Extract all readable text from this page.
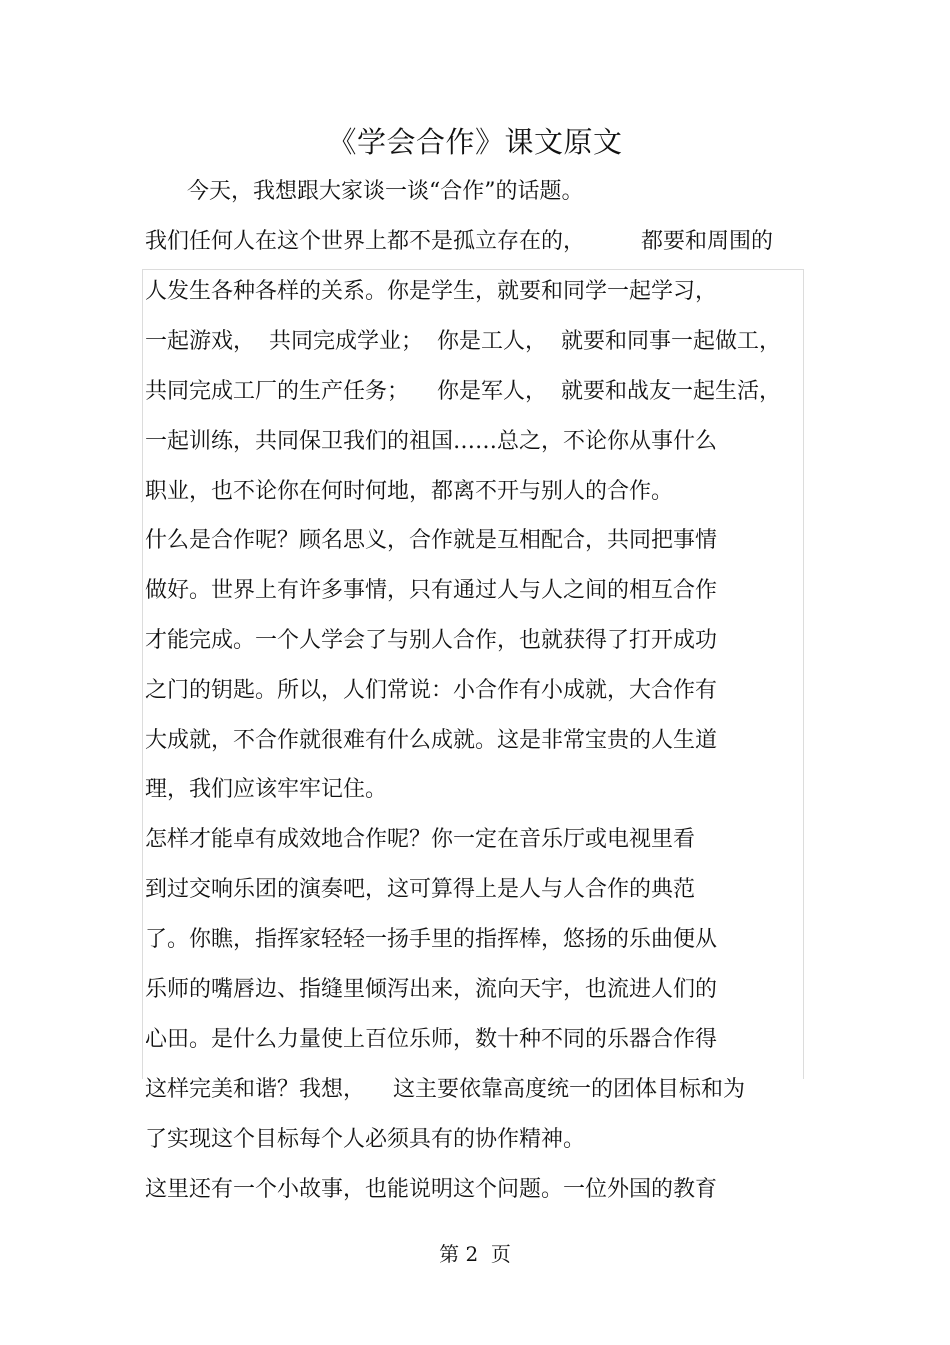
《学会合作》课文原文
今天，我想跟大家谈一谈“合作”的话题。
我们任何人在这个世界上都不是孤立存在的，        都要和周围的
人发生各种各样的关系。你是学生，就要和同学一起学习，
一起游戏，  共同完成学业；  你是工人，  就要和同事一起做工，
共同完成工厂的生产任务；    你是军人，  就要和战友一起生活，
一起训练，共同保卫我们的祖国……总之，不论你从事什么
职业，也不论你在何时何地，都离不开与别人的合作。
什么是合作呢？顾名思义，合作就是互相配合，共同把事情
做好。世界上有许多事情，只有通过人与人之间的相互合作
才能完成。一个人学会了与别人合作，也就获得了打开成功
之门的钥匙。所以，人们常说：小合作有小成就，大合作有
大成就，不合作就很难有什么成就。这是非常宝贵的人生道
理，我们应该牢牢记住。
怎样才能卓有成效地合作呢？你一定在音乐厅或电视里看
到过交响乐团的演奏吧，这可算得上是人与人合作的典范
了。你瞧，指挥家轻轻一扬手里的指挥棒，悠扬的乐曲便从
乐师的嘴唇边、指缝里倾泻出来，流向天宇，也流进人们的
心田。是什么力量使上百位乐师，数十种不同的乐器合作得
这样完美和谐？我想，    这主要依靠高度统一的团体目标和为
了实现这个目标每个人必须具有的协作精神。
这里还有一个小故事，也能说明这个问题。一位外国的教育
第 2  页
